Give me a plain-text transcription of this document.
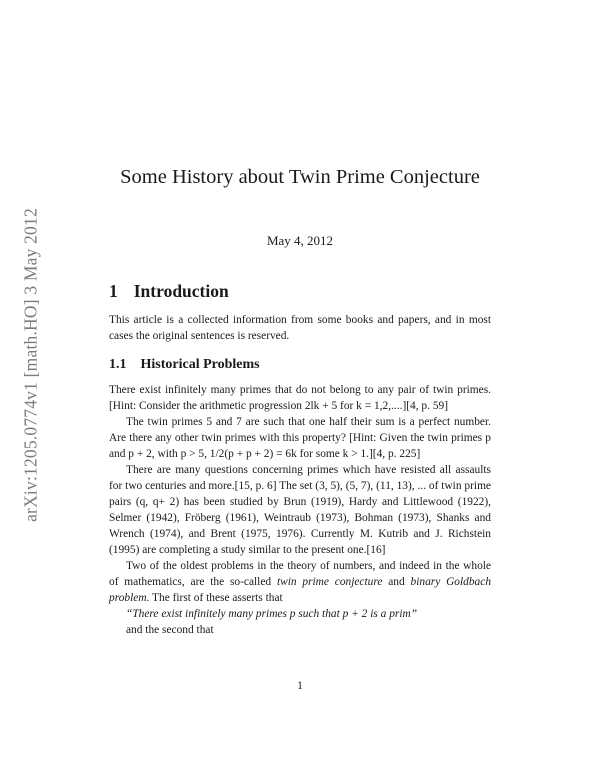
arXiv:1205.0774v1 [math.HO] 3 May 2012
Some History about Twin Prime Conjecture
May 4, 2012
1 Introduction

This article is a collected information from some books and papers, and in most cases the original sentences is reserved.

1.1 Historical Problems

There exist infinitely many primes that do not belong to any pair of twin primes. [Hint: Consider the arithmetic progression 2lk + 5 for k = 1,2,....][4, p. 59]

The twin primes 5 and 7 are such that one half their sum is a perfect number. Are there any other twin primes with this property? [Hint: Given the twin primes p and p + 2, with p > 5, 1/2(p + p + 2) = 6k for some k > 1.][4, p. 225]

There are many questions concerning primes which have resisted all assaults for two centuries and more.[15, p. 6] The set (3, 5), (5, 7), (11, 13), ... of twin prime pairs (q, q+ 2) has been studied by Brun (1919), Hardy and Littlewood (1922), Selmer (1942), Fröberg (1961), Weintraub (1973), Bohman (1973), Shanks and Wrench (1974), and Brent (1975, 1976). Currently M. Kutrib and J. Richstein (1995) are completing a study similar to the present one.[16]

Two of the oldest problems in the theory of numbers, and indeed in the whole of mathematics, are the so-called twin prime conjecture and binary Goldbach problem. The first of these asserts that

“There exist infinitely many primes p such that p + 2 is a prim”

and the second that

1
